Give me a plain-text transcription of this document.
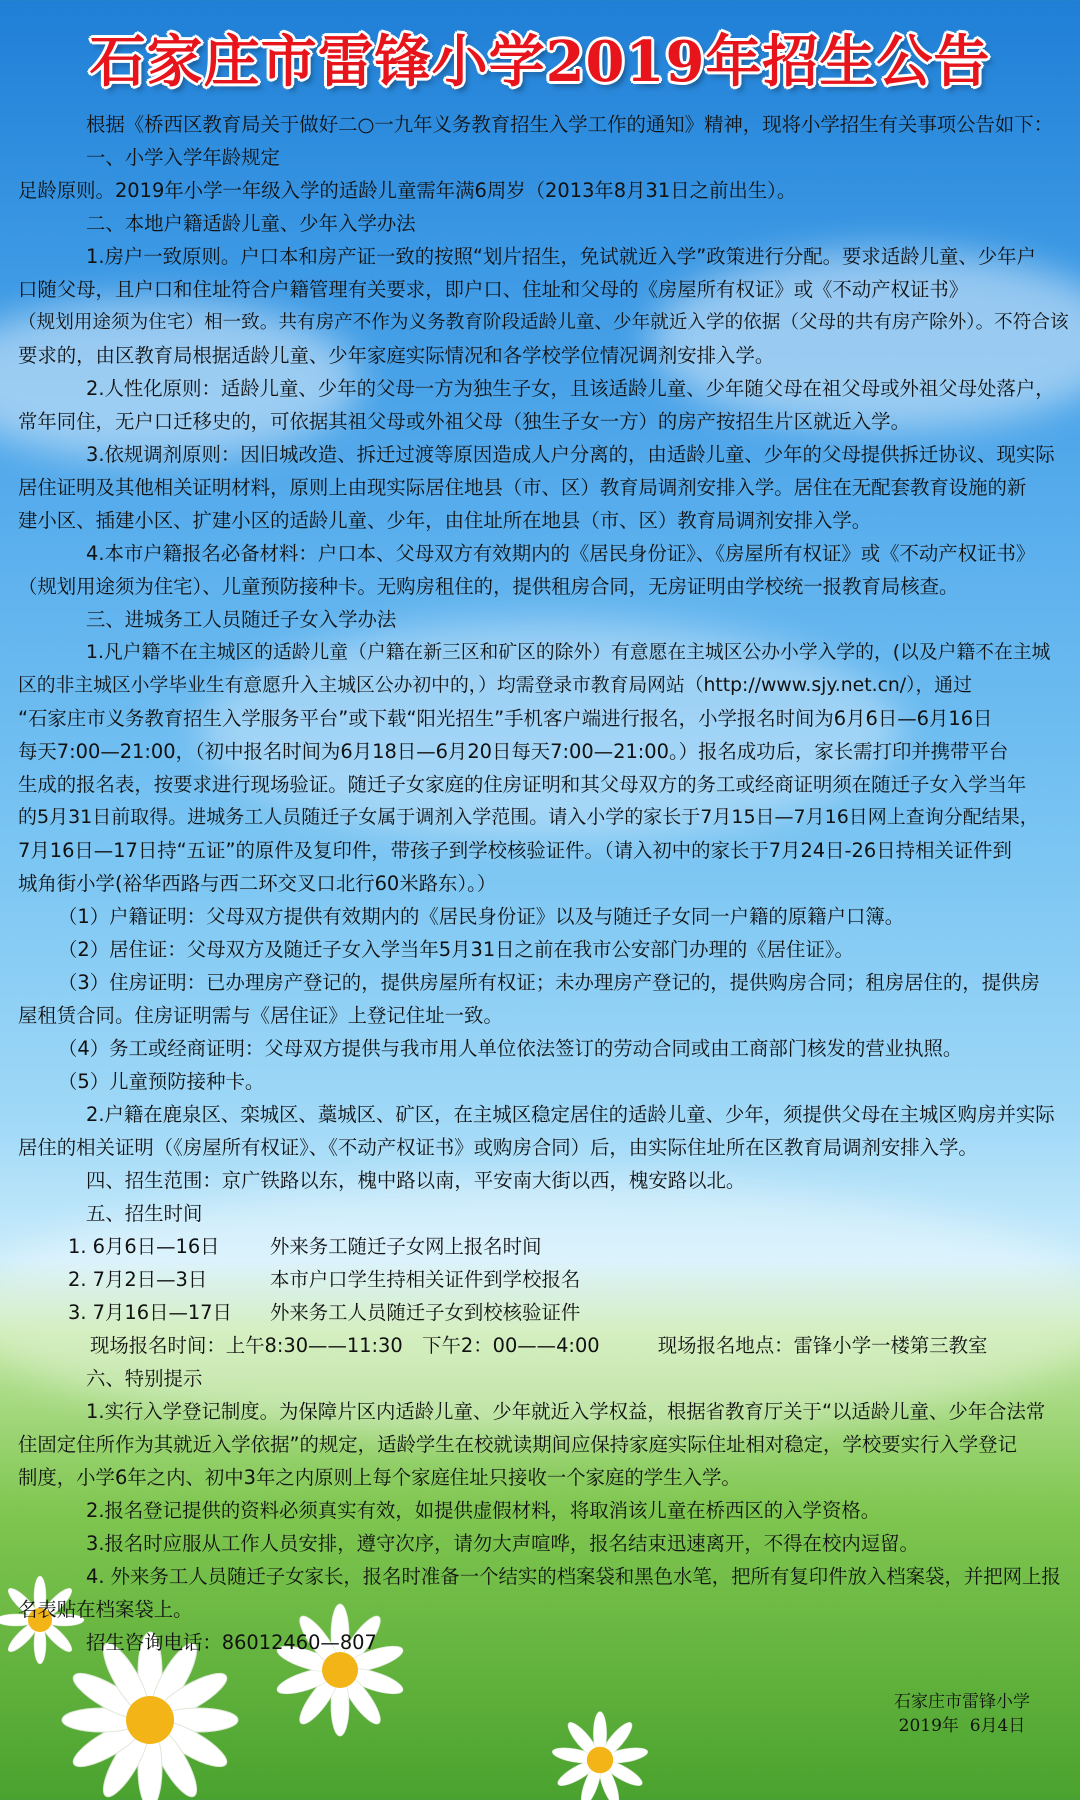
石家庄市雷锋小学2019年招生公告

根据《桥西区教育局关于做好二○一九年义务教育招生入学工作的通知》精神，现将小学招生有关事项公告如下：

一、小学入学年龄规定

足龄原则。2019年小学一年级入学的适龄儿童需年满6周岁（2013年8月31日之前出生）。

二、本地户籍适龄儿童、少年入学办法

1.房户一致原则。户口本和房产证一致的按照“划片招生，免试就近入学”政策进行分配。要求适龄儿童、少年户

口随父母，且户口和住址符合户籍管理有关要求，即户口、住址和父母的《房屋所有权证》或《不动产权证书》

（规划用途须为住宅）相一致。共有房产不作为义务教育阶段适龄儿童、少年就近入学的依据（父母的共有房产除外）。不符合该

要求的，由区教育局根据适龄儿童、少年家庭实际情况和各学校学位情况调剂安排入学。

2.人性化原则：适龄儿童、少年的父母一方为独生子女，且该适龄儿童、少年随父母在祖父母或外祖父母处落户，

常年同住，无户口迁移史的，可依据其祖父母或外祖父母（独生子女一方）的房产按招生片区就近入学。

3.依规调剂原则：因旧城改造、拆迁过渡等原因造成人户分离的，由适龄儿童、少年的父母提供拆迁协议、现实际

居住证明及其他相关证明材料，原则上由现实际居住地县（市、区）教育局调剂安排入学。居住在无配套教育设施的新

建小区、插建小区、扩建小区的适龄儿童、少年，由住址所在地县（市、区）教育局调剂安排入学。

4.本市户籍报名必备材料：户口本、父母双方有效期内的《居民身份证》、《房屋所有权证》或《不动产权证书》

（规划用途须为住宅）、儿童预防接种卡。无购房租住的，提供租房合同，无房证明由学校统一报教育局核查。

三、进城务工人员随迁子女入学办法

1.凡户籍不在主城区的适龄儿童（户籍在新三区和矿区的除外）有意愿在主城区公办小学入学的，(以及户籍不在主城

区的非主城区小学毕业生有意愿升入主城区公办初中的，）均需登录市教育局网站（http://www.sjy.net.cn/），通过

“石家庄市义务教育招生入学服务平台”或下载“阳光招生”手机客户端进行报名，小学报名时间为6月6日—6月16日

每天7:00—21:00，（初中报名时间为6月18日—6月20日每天7:00—21:00。）报名成功后，家长需打印并携带平台

生成的报名表，按要求进行现场验证。随迁子女家庭的住房证明和其父母双方的务工或经商证明须在随迁子女入学当年

的5月31日前取得。进城务工人员随迁子女属于调剂入学范围。请入小学的家长于7月15日—7月16日网上查询分配结果，

7月16日—17日持“五证”的原件及复印件，带孩子到学校核验证件。（请入初中的家长于7月24日-26日持相关证件到

城角街小学(裕华西路与西二环交叉口北行60米路东）。）

（1）户籍证明：父母双方提供有效期内的《居民身份证》以及与随迁子女同一户籍的原籍户口簿。

（2）居住证：父母双方及随迁子女入学当年5月31日之前在我市公安部门办理的《居住证》。

（3）住房证明：已办理房产登记的，提供房屋所有权证；未办理房产登记的，提供购房合同；租房居住的，提供房

屋租赁合同。住房证明需与《居住证》上登记住址一致。

（4）务工或经商证明：父母双方提供与我市用人单位依法签订的劳动合同或由工商部门核发的营业执照。

（5）儿童预防接种卡。

2.户籍在鹿泉区、栾城区、藁城区、矿区，在主城区稳定居住的适龄儿童、少年，须提供父母在主城区购房并实际

居住的相关证明（《房屋所有权证》、《不动产权证书》或购房合同）后，由实际住址所在区教育局调剂安排入学。

四、招生范围：京广铁路以东，槐中路以南，平安南大街以西，槐安路以北。

五、招生时间

1. 6月6日—16日	外来务工随迁子女网上报名时间

2. 7月2日—3日	本市户口学生持相关证件到学校报名

3. 7月16日—17日 外来务工人员随迁子女到校核验证件

现场报名时间：上午8:30——11:30　下午2：00——4:00　　　现场报名地点：雷锋小学一楼第三教室

六、特别提示

1.实行入学登记制度。为保障片区内适龄儿童、少年就近入学权益，根据省教育厅关于“以适龄儿童、少年合法常

住固定住所作为其就近入学依据”的规定，适龄学生在校就读期间应保持家庭实际住址相对稳定，学校要实行入学登记

制度，小学6年之内、初中3年之内原则上每个家庭住址只接收一个家庭的学生入学。

2.报名登记提供的资料必须真实有效，如提供虚假材料，将取消该儿童在桥西区的入学资格。

3.报名时应服从工作人员安排，遵守次序，请勿大声喧哗，报名结束迅速离开，不得在校内逗留。

4. 外来务工人员随迁子女家长，报名时准备一个结实的档案袋和黑色水笔，把所有复印件放入档案袋，并把网上报

名表贴在档案袋上。

招生咨询电话：86012460—807

石家庄市雷锋小学
2019年  6月4日
